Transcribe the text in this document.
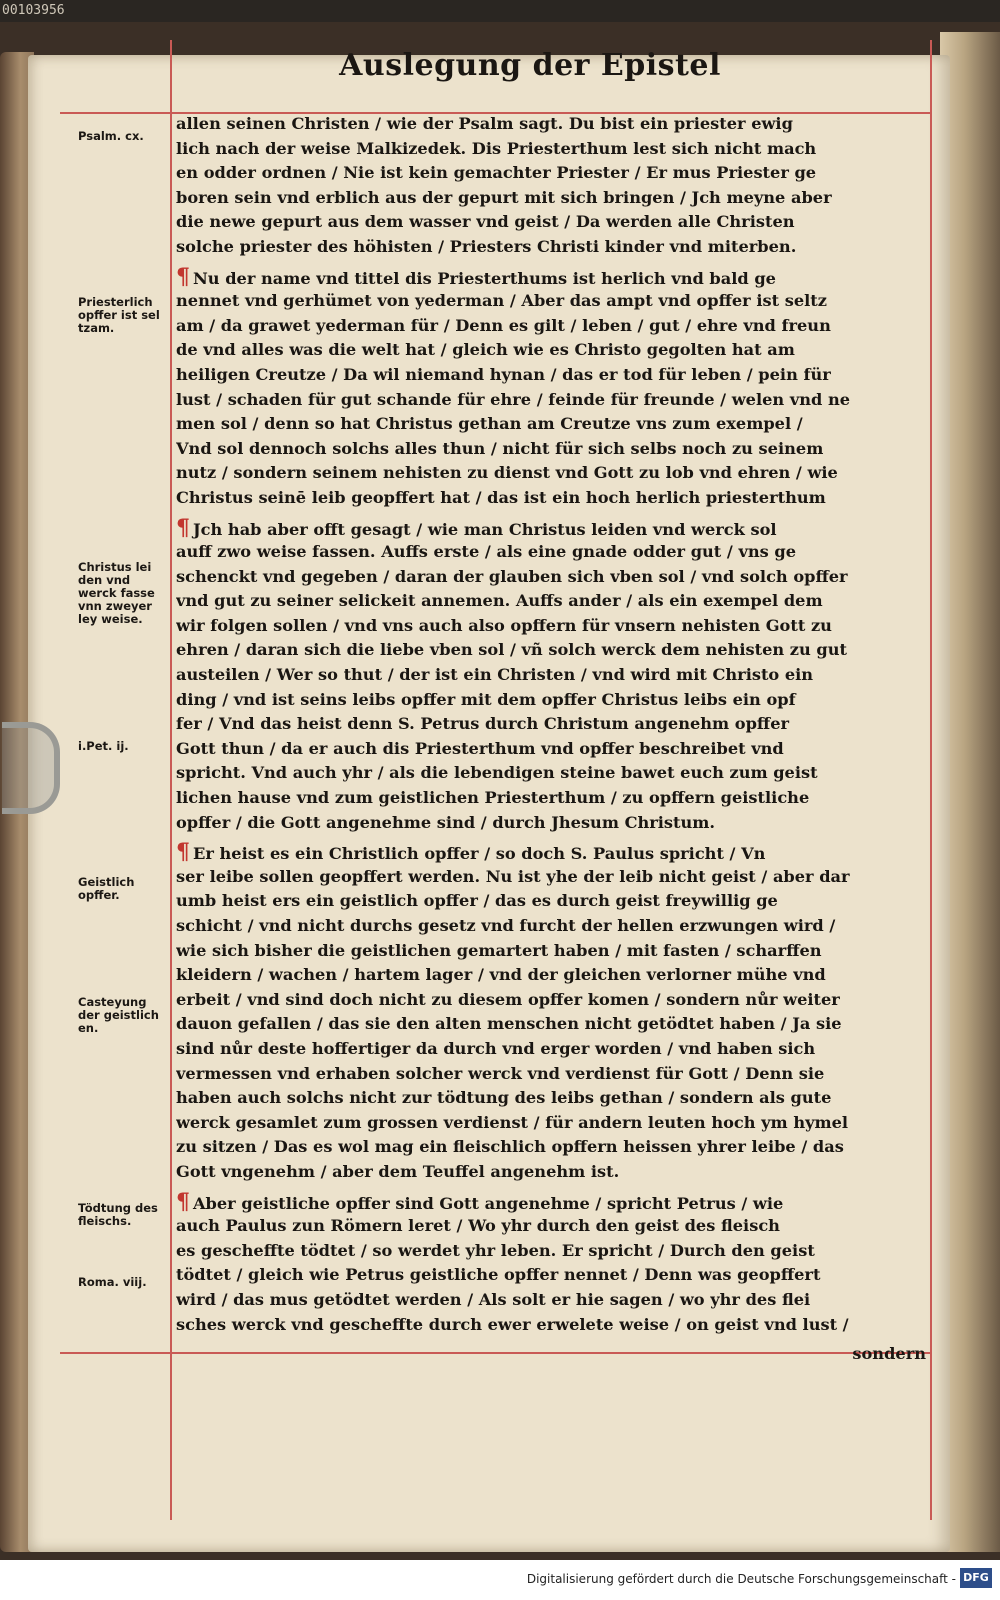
00103956
Auslegung der Epistel
Psalm. cx.
Priesterlich opffer ist sel tzam.
Christus lei den vnd werck fasse vnn zweyer ley weise.
i.Pet. ij.
Geistlich opffer.
Casteyung der geistlich en.
Tödtung des fleischs.
Roma. viij.
allen seinen Christen / wie der Psalm sagt. Du bist ein priester ewig
lich nach der weise Malkizedek. Dis Priesterthum lest sich nicht mach
en odder ordnen / Nie ist kein gemachter Priester / Er mus Priester ge
boren sein vnd erblich aus der gepurt mit sich bringen / Jch meyne aber
die newe gepurt aus dem wasser vnd geist / Da werden alle Christen
solche priester des höhisten / Priesters Christi kinder vnd miterben.
¶ Nu der name vnd tittel dis Priesterthums ist herlich vnd bald ge
nennet vnd gerhümet von yederman / Aber das ampt vnd opffer ist seltz
am / da grawet yederman für / Denn es gilt / leben / gut / ehre vnd freun
de vnd alles was die welt hat / gleich wie es Christo gegolten hat am
heiligen Creutze / Da wil niemand hynan / das er tod für leben / pein für
lust / schaden für gut schande für ehre / feinde für freunde / welen vnd ne
men sol / denn so hat Christus gethan am Creutze vns zum exempel /
Vnd sol dennoch solchs alles thun / nicht für sich selbs noch zu seinem
nutz / sondern seinem nehisten zu dienst vnd Gott zu lob vnd ehren / wie
Christus seinē leib geopffert hat / das ist ein hoch herlich priesterthum
¶ Jch hab aber offt gesagt / wie man Christus leiden vnd werck sol
auff zwo weise fassen. Auffs erste / als eine gnade odder gut / vns ge
schenckt vnd gegeben / daran der glauben sich vben sol / vnd solch opffer
vnd gut zu seiner selickeit annemen. Auffs ander / als ein exempel dem
wir folgen sollen / vnd vns auch also opffern für vnsern nehisten Gott zu
ehren / daran sich die liebe vben sol / vñ solch werck dem nehisten zu gut
austeilen / Wer so thut / der ist ein Christen / vnd wird mit Christo ein
ding / vnd ist seins leibs opffer mit dem opffer Christus leibs ein opf
fer / Vnd das heist denn S. Petrus durch Christum angenehm opffer
Gott thun / da er auch dis Priesterthum vnd opffer beschreibet vnd
spricht. Vnd auch yhr / als die lebendigen steine bawet euch zum geist
lichen hause vnd zum geistlichen Priesterthum / zu opffern geistliche
opffer / die Gott angenehme sind / durch Jhesum Christum.
¶ Er heist es ein Christlich opffer / so doch S. Paulus spricht / Vn
ser leibe sollen geopffert werden. Nu ist yhe der leib nicht geist / aber dar
umb heist ers ein geistlich opffer / das es durch geist freywillig ge
schicht / vnd nicht durchs gesetz vnd furcht der hellen erzwungen wird /
wie sich bisher die geistlichen gemartert haben / mit fasten / scharffen
kleidern / wachen / hartem lager / vnd der gleichen verlorner mühe vnd
erbeit / vnd sind doch nicht zu diesem opffer komen / sondern nůr weiter
dauon gefallen / das sie den alten menschen nicht getödtet haben / Ja sie
sind nůr deste hoffertiger da durch vnd erger worden / vnd haben sich
vermessen vnd erhaben solcher werck vnd verdienst für Gott / Denn sie
haben auch solchs nicht zur tödtung des leibs gethan / sondern als gute
werck gesamlet zum grossen verdienst / für andern leuten hoch ym hymel
zu sitzen / Das es wol mag ein fleischlich opffern heissen yhrer leibe / das
Gott vngenehm / aber dem Teuffel angenehm ist.
¶ Aber geistliche opffer sind Gott angenehme / spricht Petrus / wie
auch Paulus zun Römern leret / Wo yhr durch den geist des fleisch
es gescheffte tödtet / so werdet yhr leben. Er spricht / Durch den geist
tödtet / gleich wie Petrus geistliche opffer nennet / Denn was geopffert
wird / das mus getödtet werden / Als solt er hie sagen / wo yhr des flei
sches werck vnd gescheffte durch ewer erwelete weise / on geist vnd lust /
sondern
Digitalisierung gefördert durch die Deutsche Forschungsgemeinschaft - DFG
